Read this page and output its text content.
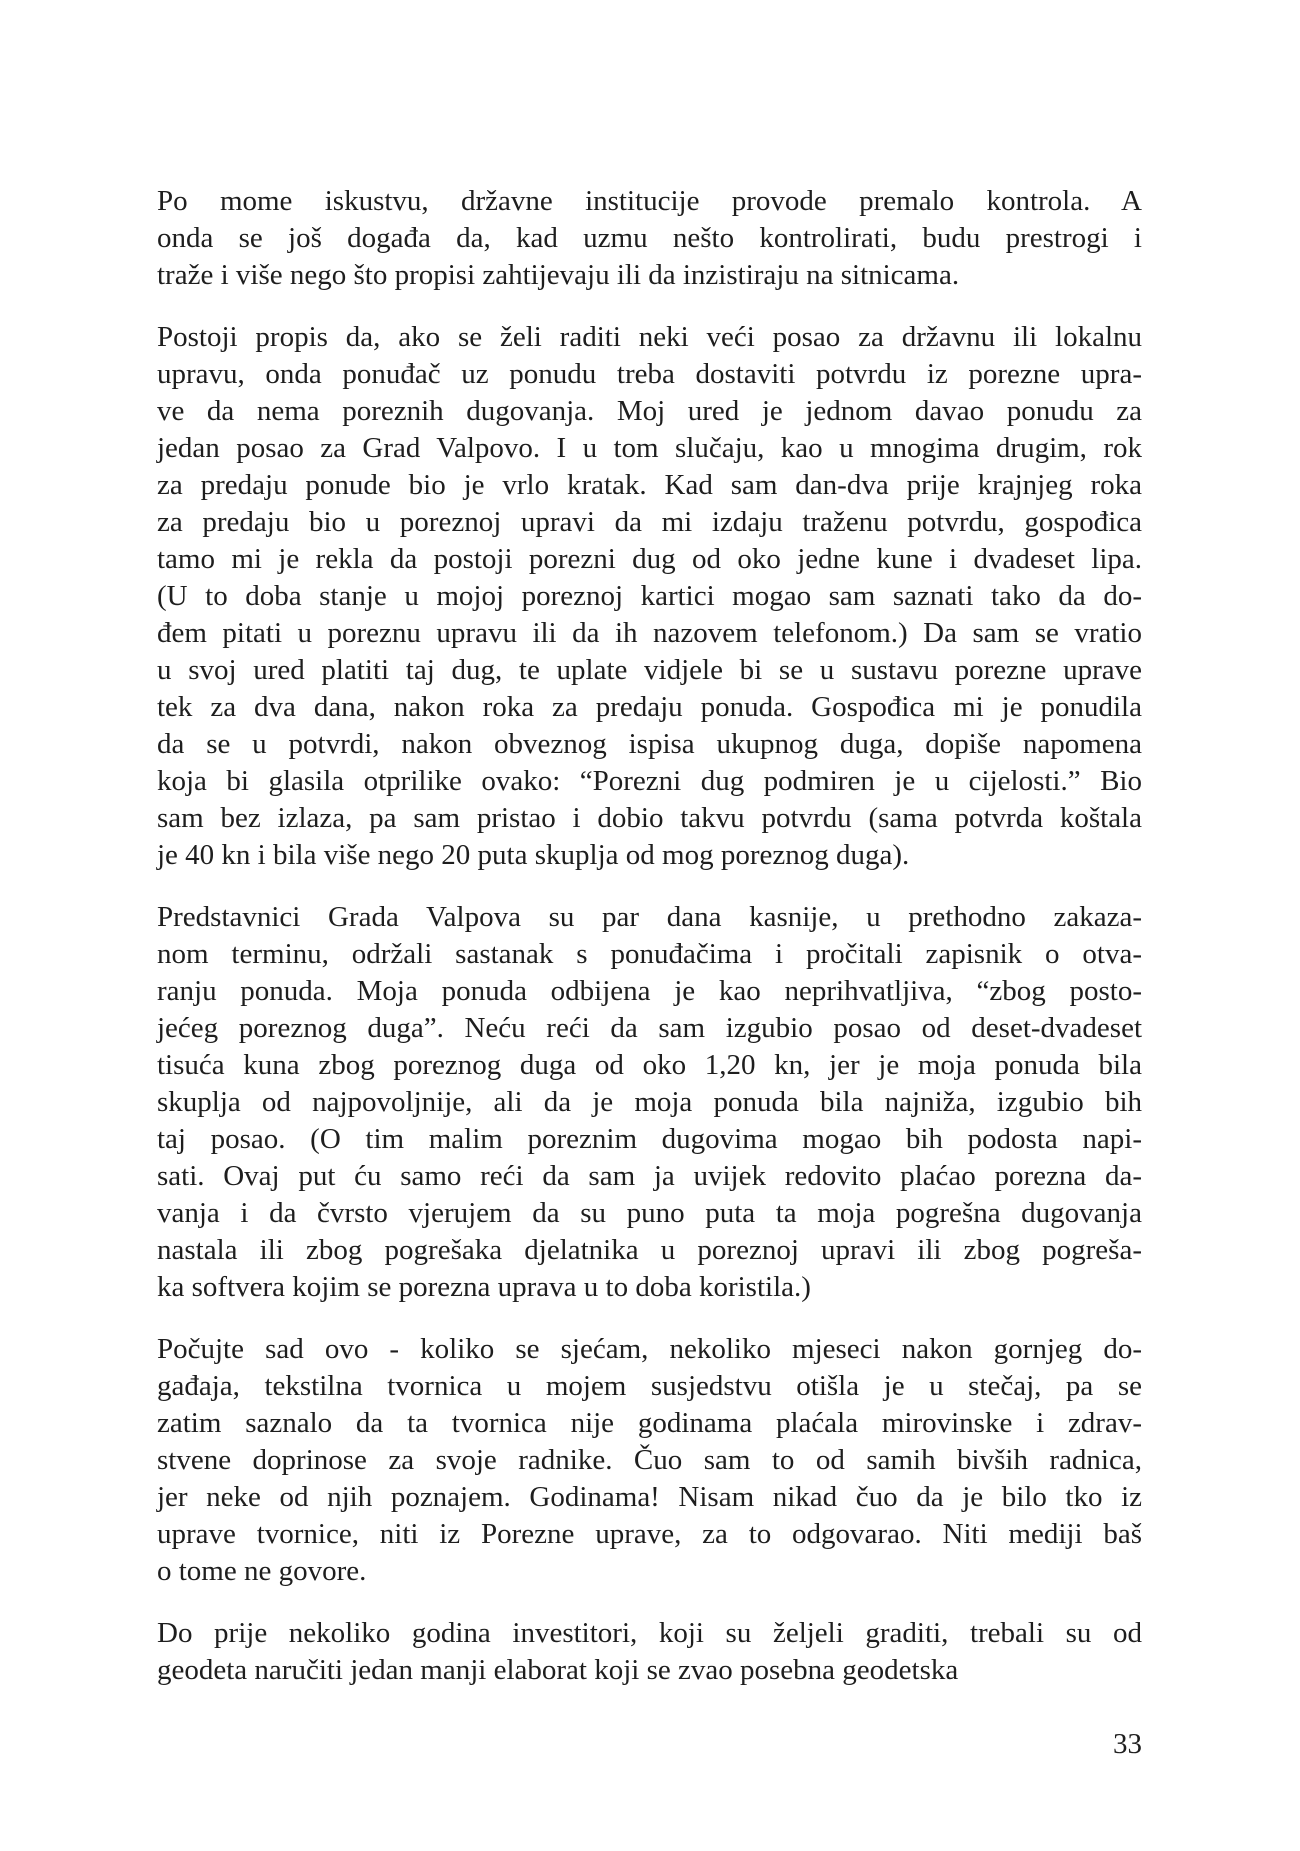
Po mome iskustvu, državne institucije provode premalo kontrola. A
onda se još događa da, kad uzmu nešto kontrolirati, budu prestrogi i
traže i više nego što propisi zahtijevaju ili da inzistiraju na sitnicama.

Postoji propis da, ako se želi raditi neki veći posao za državnu ili lokalnu
upravu, onda ponuđač uz ponudu treba dostaviti potvrdu iz porezne upra-
ve da nema poreznih dugovanja. Moj ured je jednom davao ponudu za
jedan posao za Grad Valpovo. I u tom slučaju, kao u mnogima drugim, rok
za predaju ponude bio je vrlo kratak. Kad sam dan-dva prije krajnjeg roka
za predaju bio u poreznoj upravi da mi izdaju traženu potvrdu, gospođica
tamo mi je rekla da postoji porezni dug od oko jedne kune i dvadeset lipa.
(U to doba stanje u mojoj poreznoj kartici mogao sam saznati tako da do-
đem pitati u poreznu upravu ili da ih nazovem telefonom.) Da sam se vratio
u svoj ured platiti taj dug, te uplate vidjele bi se u sustavu porezne uprave
tek za dva dana, nakon roka za predaju ponuda. Gospođica mi je ponudila
da se u potvrdi, nakon obveznog ispisa ukupnog duga, dopiše napomena
koja bi glasila otprilike ovako: “Porezni dug podmiren je u cijelosti.” Bio
sam bez izlaza, pa sam pristao i dobio takvu potvrdu (sama potvrda koštala
je 40 kn i bila više nego 20 puta skuplja od mog poreznog duga).

Predstavnici Grada Valpova su par dana kasnije, u prethodno zakaza-
nom terminu, održali sastanak s ponuđačima i pročitali zapisnik o otva-
ranju ponuda. Moja ponuda odbijena je kao neprihvatljiva, “zbog posto-
jećeg poreznog duga”. Neću reći da sam izgubio posao od deset-dvadeset
tisuća kuna zbog poreznog duga od oko 1,20 kn, jer je moja ponuda bila
skuplja od najpovoljnije, ali da je moja ponuda bila najniža, izgubio bih
taj posao. (O tim malim poreznim dugovima mogao bih podosta napi-
sati. Ovaj put ću samo reći da sam ja uvijek redovito plaćao porezna da-
vanja i da čvrsto vjerujem da su puno puta ta moja pogrešna dugovanja
nastala ili zbog pogrešaka djelatnika u poreznoj upravi ili zbog pogreša-
ka softvera kojim se porezna uprava u to doba koristila.)

Počujte sad ovo - koliko se sjećam, nekoliko mjeseci nakon gornjeg do-
gađaja, tekstilna tvornica u mojem susjedstvu otišla je u stečaj, pa se
zatim saznalo da ta tvornica nije godinama plaćala mirovinske i zdrav-
stvene doprinose za svoje radnike. Čuo sam to od samih bivših radnica,
jer neke od njih poznajem. Godinama! Nisam nikad čuo da je bilo tko iz
uprave tvornice, niti iz Porezne uprave, za to odgovarao. Niti mediji baš
o tome ne govore.

Do prije nekoliko godina investitori, koji su željeli graditi, trebali su od
geodeta naručiti jedan manji elaborat koji se zvao posebna geodetska

33
